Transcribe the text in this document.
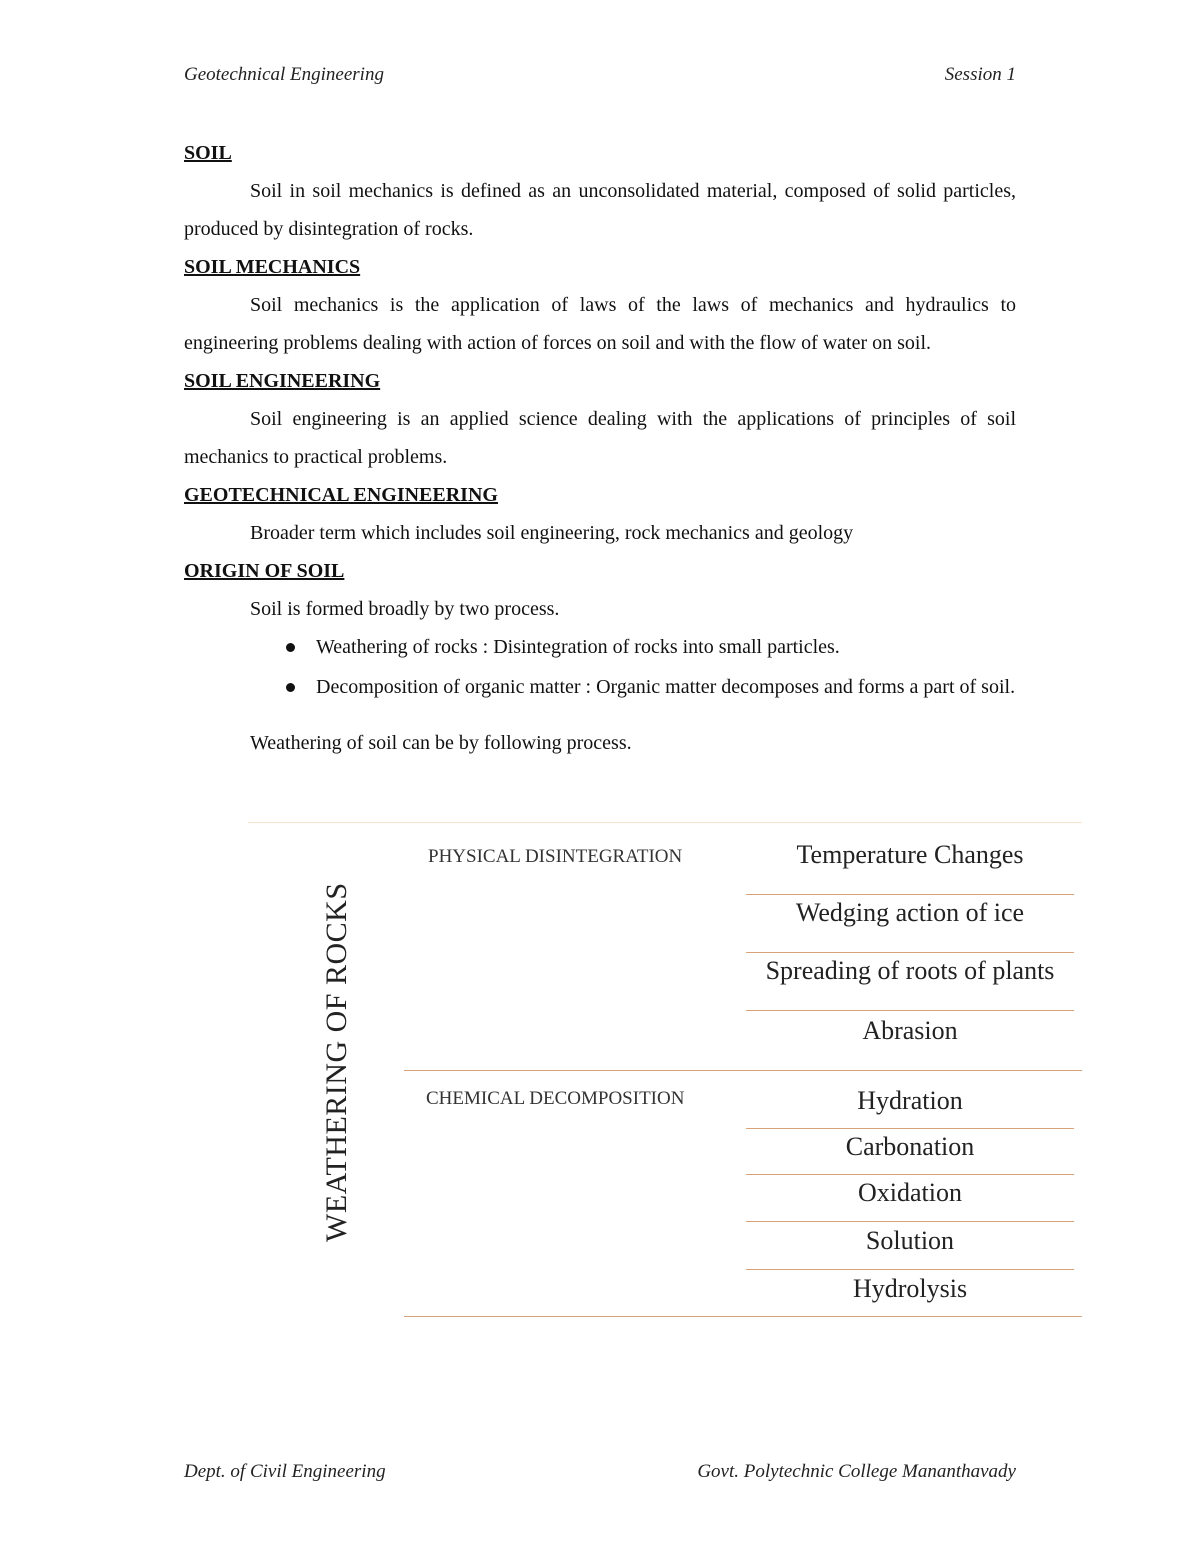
Geotechnical Engineering	Session 1

SOIL

Soil in soil mechanics is defined as an unconsolidated material, composed of solid particles, produced by disintegration of rocks.

SOIL MECHANICS

Soil mechanics is the application of laws of the laws of mechanics and hydraulics to engineering problems dealing with action of forces on soil and with the flow of water on soil.

SOIL ENGINEERING

Soil engineering is an applied science dealing with the applications of principles of soil mechanics to practical problems.

GEOTECHNICAL ENGINEERING

Broader term which includes soil engineering, rock mechanics and geology

ORIGIN OF SOIL

Soil is formed broadly by two process.

Weathering of rocks : Disintegration of rocks into small particles.
Decomposition of organic matter : Organic matter decomposes and forms a part of soil.

Weathering of soil can be by following process.

WEATHERING OF ROCKS
PHYSICAL DISINTEGRATION	Temperature Changes
Wedging action of ice
Spreading of roots of plants
Abrasion
CHEMICAL DECOMPOSITION	Hydration
Carbonation
Oxidation
Solution
Hydrolysis
Dept. of Civil Engineering	Govt. Polytechnic College Mananthavady
